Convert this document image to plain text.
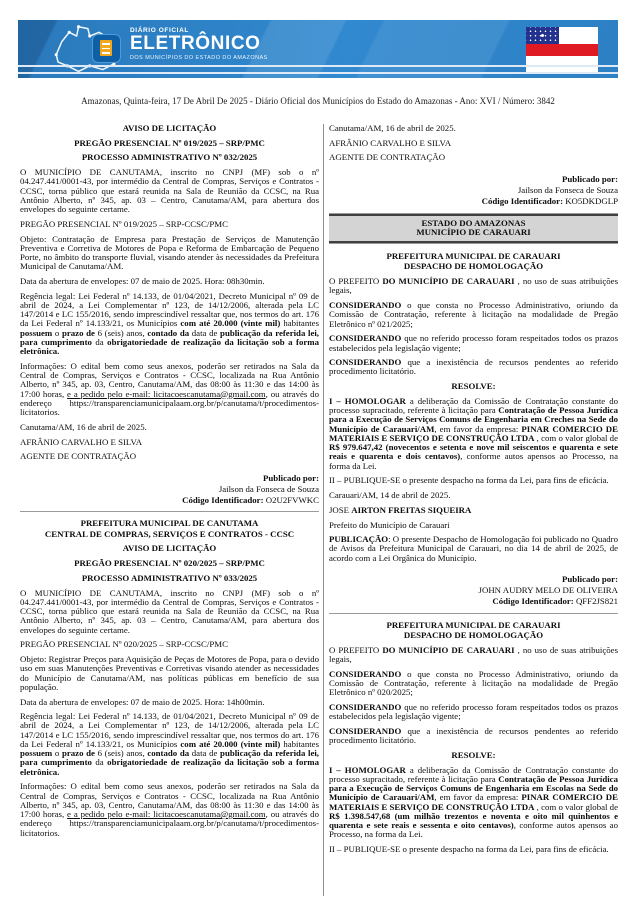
DIÁRIO OFICIAL
ELETRÔNICO
DOS MUNICÍPIOS DO ESTADO DO AMAZONAS
Amazonas, Quinta-feira, 17 De Abril De 2025 - Diário Oficial dos Municípios do Estado do Amazonas - Ano: XVI / Número: 3842
AVISO DE LICITAÇÃO
PREGÃO PRESENCIAL Nº 019/2025 – SRP/PMC
PROCESSO ADMINISTRATIVO Nº 032/2025
O MUNICÍPIO DE CANUTAMA, inscrito no CNPJ (MF) sob o nº 04.247.441/0001-43, por intermédio da Central de Compras, Serviços e Contratos - CCSC, torna público que estará reunida na Sala de Reunião da CCSC, na Rua Antônio Alberto, nº 345, ap. 03 – Centro, Canutama/AM, para abertura dos envelopes do seguinte certame.
PREGÃO PRESENCIAL Nº 019/2025 – SRP-CCSC/PMC
Objeto: Contratação de Empresa para Prestação de Serviços de Manutenção Preventiva e Corretiva de Motores de Popa e Reforma de Embarcação de Pequeno Porte, no âmbito do transporte fluvial, visando atender às necessidades da Prefeitura Municipal de Canutama/AM.
Data da abertura de envelopes: 07 de maio de 2025. Hora: 08h30min.
Regência legal: Lei Federal nº 14.133, de 01/04/2021, Decreto Municipal nº 09 de abril de 2024, a Lei Complementar nº 123, de 14/12/2006, alterada pela LC 147/2014 e LC 155/2016, sendo imprescindível ressaltar que, nos termos do art. 176 da Lei Federal nº 14.133/21, os Municípios com até 20.000 (vinte mil) habitantes possuem o prazo de 6 (seis) anos, contado da data de publicação da referida lei, para cumprimento da obrigatoriedade de realização da licitação sob a forma eletrônica.
Informações: O edital bem como seus anexos, poderão ser retirados na Sala da Central de Compras, Serviços e Contratos - CCSC, localizada na Rua Antônio Alberto, nº 345, ap. 03, Centro, Canutama/AM, das 08:00 às 11:30 e das 14:00 às 17:00 horas, e a pedido pelo e-mail: licitacoescanutama@gmail.com, ou através do endereço https://transparenciamunicipalaam.org.br/p/canutama/t/procedimentos-licitatorios.
Canutama/AM, 16 de abril de 2025.
AFRÂNIO CARVALHO E SILVA
AGENTE DE CONTRATAÇÃO
Publicado por:
Jailson da Fonseca de Souza
Código Identificador: O2U2FVWKC
PREFEITURA MUNICIPAL DE CANUTAMA
CENTRAL DE COMPRAS, SERVIÇOS E CONTRATOS - CCSC
AVISO DE LICITAÇÃO
PREGÃO PRESENCIAL Nº 020/2025 – SRP/PMC
PROCESSO ADMINISTRATIVO Nº 033/2025
O MUNICÍPIO DE CANUTAMA, inscrito no CNPJ (MF) sob o nº 04.247.441/0001-43, por intermédio da Central de Compras, Serviços e Contratos - CCSC, torna público que estará reunida na Sala de Reunião da CCSC, na Rua Antônio Alberto, nº 345, ap. 03 – Centro, Canutama/AM, para abertura dos envelopes do seguinte certame.
PREGÃO PRESENCIAL Nº 020/2025 – SRP-CCSC/PMC
Objeto: Registrar Preços para Aquisição de Peças de Motores de Popa, para o devido uso em suas Manutenções Preventivas e Corretivas visando atender as necessidades do Município de Canutama/AM, nas políticas públicas em benefício de sua população.
Data da abertura de envelopes: 07 de maio de 2025. Hora: 14h00min.
Regência legal: Lei Federal nº 14.133, de 01/04/2021, Decreto Municipal nº 09 de abril de 2024, a Lei Complementar nº 123, de 14/12/2006, alterada pela LC 147/2014 e LC 155/2016, sendo imprescindível ressaltar que, nos termos do art. 176 da Lei Federal nº 14.133/21, os Municípios com até 20.000 (vinte mil) habitantes possuem o prazo de 6 (seis) anos, contado da data de publicação da referida lei, para cumprimento da obrigatoriedade de realização da licitação sob a forma eletrônica.
Informações: O edital bem como seus anexos, poderão ser retirados na Sala da Central de Compras, Serviços e Contratos - CCSC, localizada na Rua Antônio Alberto, nº 345, ap. 03, Centro, Canutama/AM, das 08:00 às 11:30 e das 14:00 às 17:00 horas, e a pedido pelo e-mail: licitacoescanutama@gmail.com, ou através do endereço https://transparenciamunicipalaam.org.br/p/canutama/t/procedimentos-licitatorios.
Canutama/AM, 16 de abril de 2025.
AFRÂNIO CARVALHO E SILVA
AGENTE DE CONTRATAÇÃO
Publicado por:
Jailson da Fonseca de Souza
Código Identificador: KO5DKDGLP
ESTADO DO AMAZONAS
MUNICÍPIO DE CARAUARI
PREFEITURA MUNICIPAL DE CARAUARI
DESPACHO DE HOMOLOGAÇÃO
O PREFEITO DO MUNICÍPIO DE CARAUARI , no uso de suas atribuições legais,
CONSIDERANDO o que consta no Processo Administrativo, oriundo da Comissão de Contratação, referente à licitação na modalidade de Pregão Eletrônico nº 021/2025;
CONSIDERANDO que no referido processo foram respeitados todos os prazos estabelecidos pela legislação vigente;
CONSIDERANDO que a inexistência de recursos pendentes ao referido procedimento licitatório.
RESOLVE:
I – HOMOLOGAR a deliberação da Comissão de Contratação constante do processo supracitado, referente à licitação para Contratação de Pessoa Jurídica para a Execução de Serviços Comuns de Engenharia em Creches na Sede do Município de Carauari/AM, em favor da empresa: PINAR COMERCIO DE MATERIAIS E SERVIÇO DE CONSTRUÇÃO LTDA , com o valor global de R$ 979.647,42 (novecentos e setenta e nove mil seiscentos e quarenta e sete reais e quarenta e dois centavos), conforme autos apensos ao Processo, na forma da Lei.
II – PUBLIQUE-SE o presente despacho na forma da Lei, para fins de eficácia.
Carauari/AM, 14 de abril de 2025.
JOSE AIRTON FREITAS SIQUEIRA
Prefeito do Município de Carauari
PUBLICAÇÃO: O presente Despacho de Homologação foi publicado no Quadro de Avisos da Prefeitura Municipal de Carauari, no dia 14 de abril de 2025, de acordo com a Lei Orgânica do Município.
Publicado por:
JOHN AUDRY MELO DE OLIVEIRA
Código Identificador: QFF2JS821
PREFEITURA MUNICIPAL DE CARAUARI
DESPACHO DE HOMOLOGAÇÃO
O PREFEITO DO MUNICÍPIO DE CARAUARI , no uso de suas atribuições legais,
CONSIDERANDO o que consta no Processo Administrativo, oriundo da Comissão de Contratação, referente à licitação na modalidade de Pregão Eletrônico nº 020/2025;
CONSIDERANDO que no referido processo foram respeitados todos os prazos estabelecidos pela legislação vigente;
CONSIDERANDO que a inexistência de recursos pendentes ao referido procedimento licitatório.
RESOLVE:
I – HOMOLOGAR a deliberação da Comissão de Contratação constante do processo supracitado, referente à licitação para Contratação de Pessoa Jurídica para a Execução de Serviços Comuns de Engenharia em Escolas na Sede do Município de Carauari/AM, em favor da empresa: PINAR COMERCIO DE MATERIAIS E SERVIÇO DE CONSTRUÇÃO LTDA , com o valor global de R$ 1.398.547,68 (um milhão trezentos e noventa e oito mil quinhentos e quarenta e sete reais e sessenta e oito centavos), conforme autos apensos ao Processo, na forma da Lei.
II – PUBLIQUE-SE o presente despacho na forma da Lei, para fins de eficácia.
